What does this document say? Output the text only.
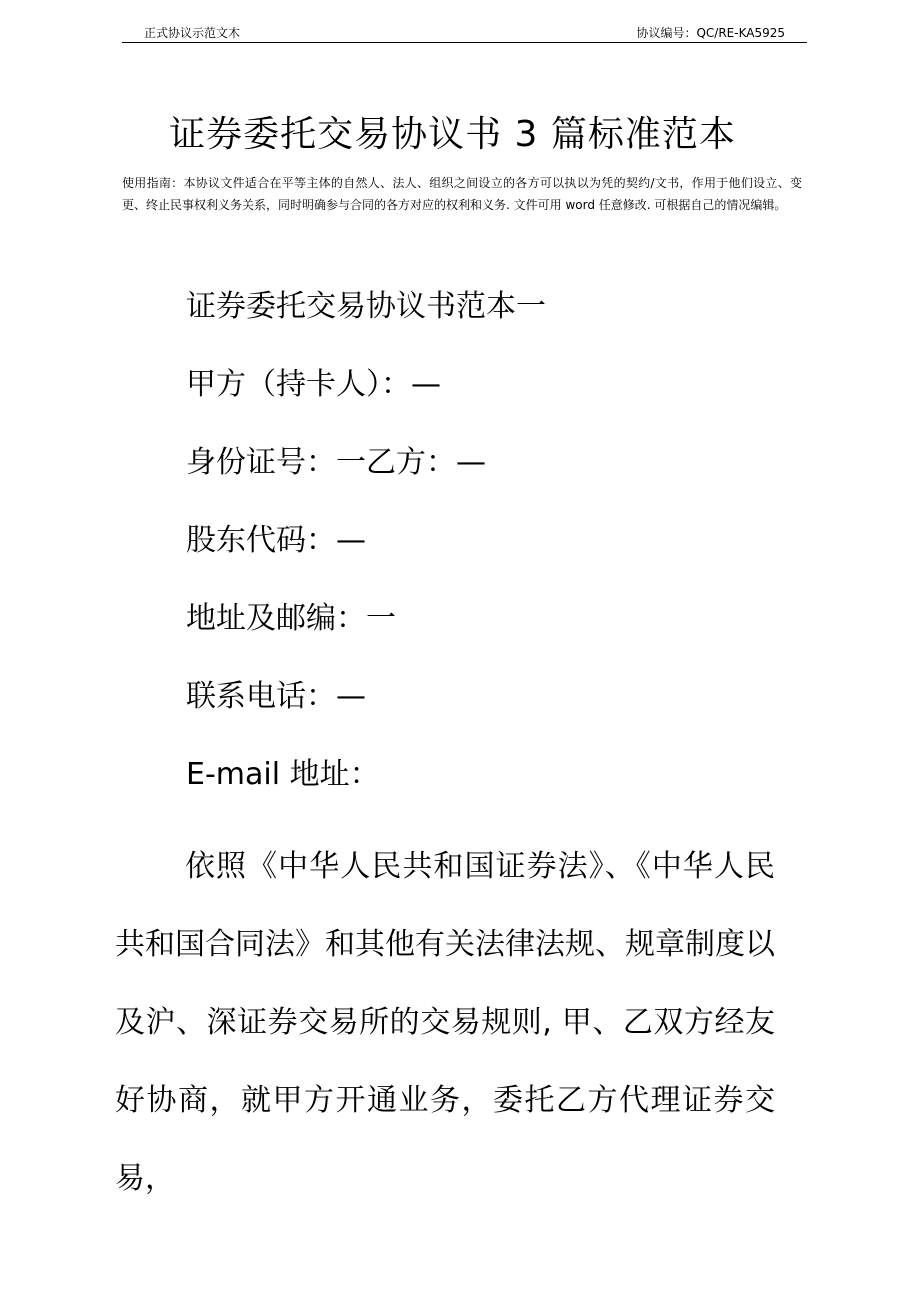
正式协议示范文木	协议编号：QC/RE-KA5925
证券委托交易协议书 3 篇标准范本
使用指南：本协议文件适合在平等主体的自然人、法人、组织之间设立的各方可以执以为凭的契约/文书，作用于他们设立、变更、终止民事权利义务关系，同时明确参与合同的各方对应的权利和义务. 文件可用 word 任意修改. 可根据自己的情况编辑。
证券委托交易协议书范本一
甲方（持卡人）：—
身份证号：一乙方：—
股东代码：—
地址及邮编：一
联系电话：—
E-mail 地址：
依照《中华人民共和国证券法》、《中华人民共和国合同法》和其他有关法律法规、规章制度以及沪、深证券交易所的交易规则, 甲、乙双方经友好协商，就甲方开通业务，委托乙方代理证券交易，
